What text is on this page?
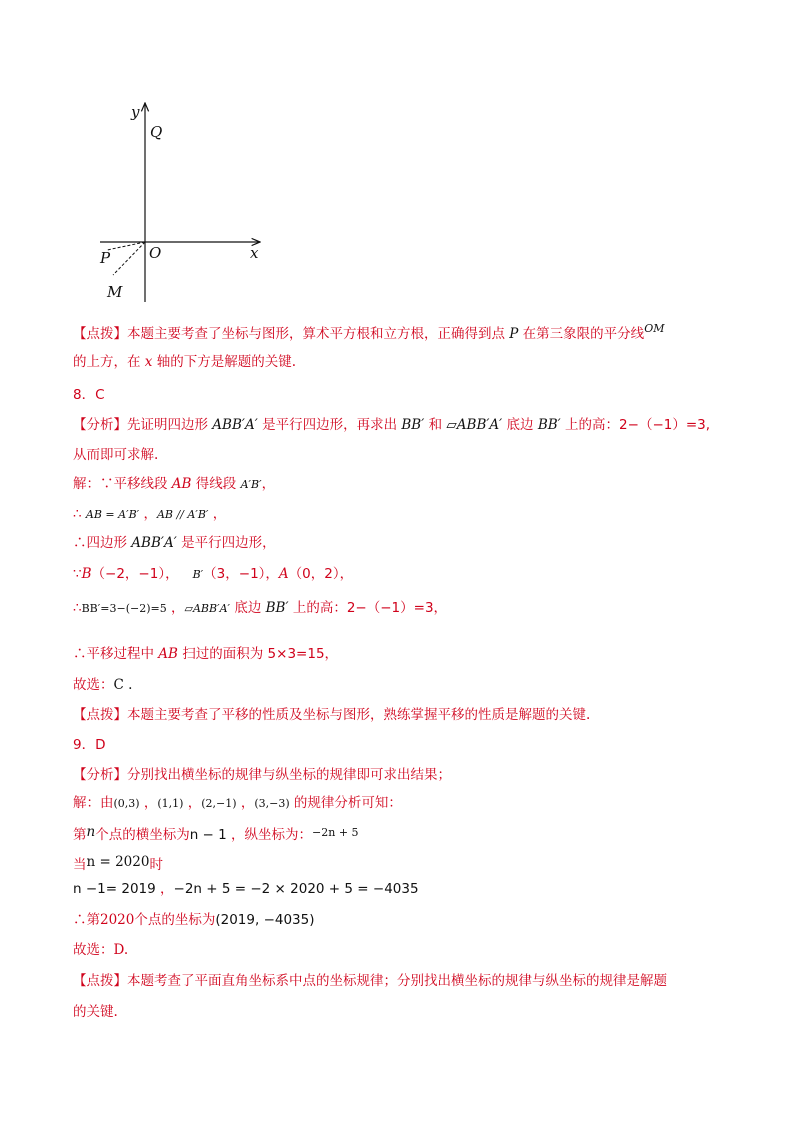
y
x
Q
O
P
M
【点拨】本题主要考查了坐标与图形，算术平方根和立方根，正确得到点 P 在第三象限的平分线$^{OM}$
的上方，在 x 轴的下方是解题的关键.
8．C
【分析】先证明四边形 ABB′A′ 是平行四边形，再求出 BB′ 和 ▱ABB′A′ 底边 BB′ 上的高：2−（−1）=3,
从而即可求解.
解：∵平移线段 AB 得线段 A′B′，
∴ AB = A′B′ ，AB // A′B′ ，
∴四边形 ABB′A′ 是平行四边形，
∵B（−2，−1）， B′（3，−1），A（0，2），
∴BB′=3−(−2)=5 ，▱ABB′A′ 底边 BB′ 上的高：2−（−1）=3，
∴平移过程中 AB 扫过的面积为 5×3=15，
故选：C .
【点拨】本题主要考查了平移的性质及坐标与图形，熟练掌握平移的性质是解题的关键.
9．D
【分析】分别找出横坐标的规律与纵坐标的规律即可求出结果；
解：由(0,3) ，(1,1) ，(2,−1) ，(3,−3) 的规律分析可知：
第n个点的横坐标为n − 1 ，纵坐标为：$^{-2n + 5}$
当n = 2020时
n −1= 2019 ，−2n + 5 = −2 × 2020 + 5 = −4035
∴第2020个点的坐标为(2019, −4035)
故选：D.
【点拨】本题考查了平面直角坐标系中点的坐标规律；分别找出横坐标的规律与纵坐标的规律是解题
的关键.
